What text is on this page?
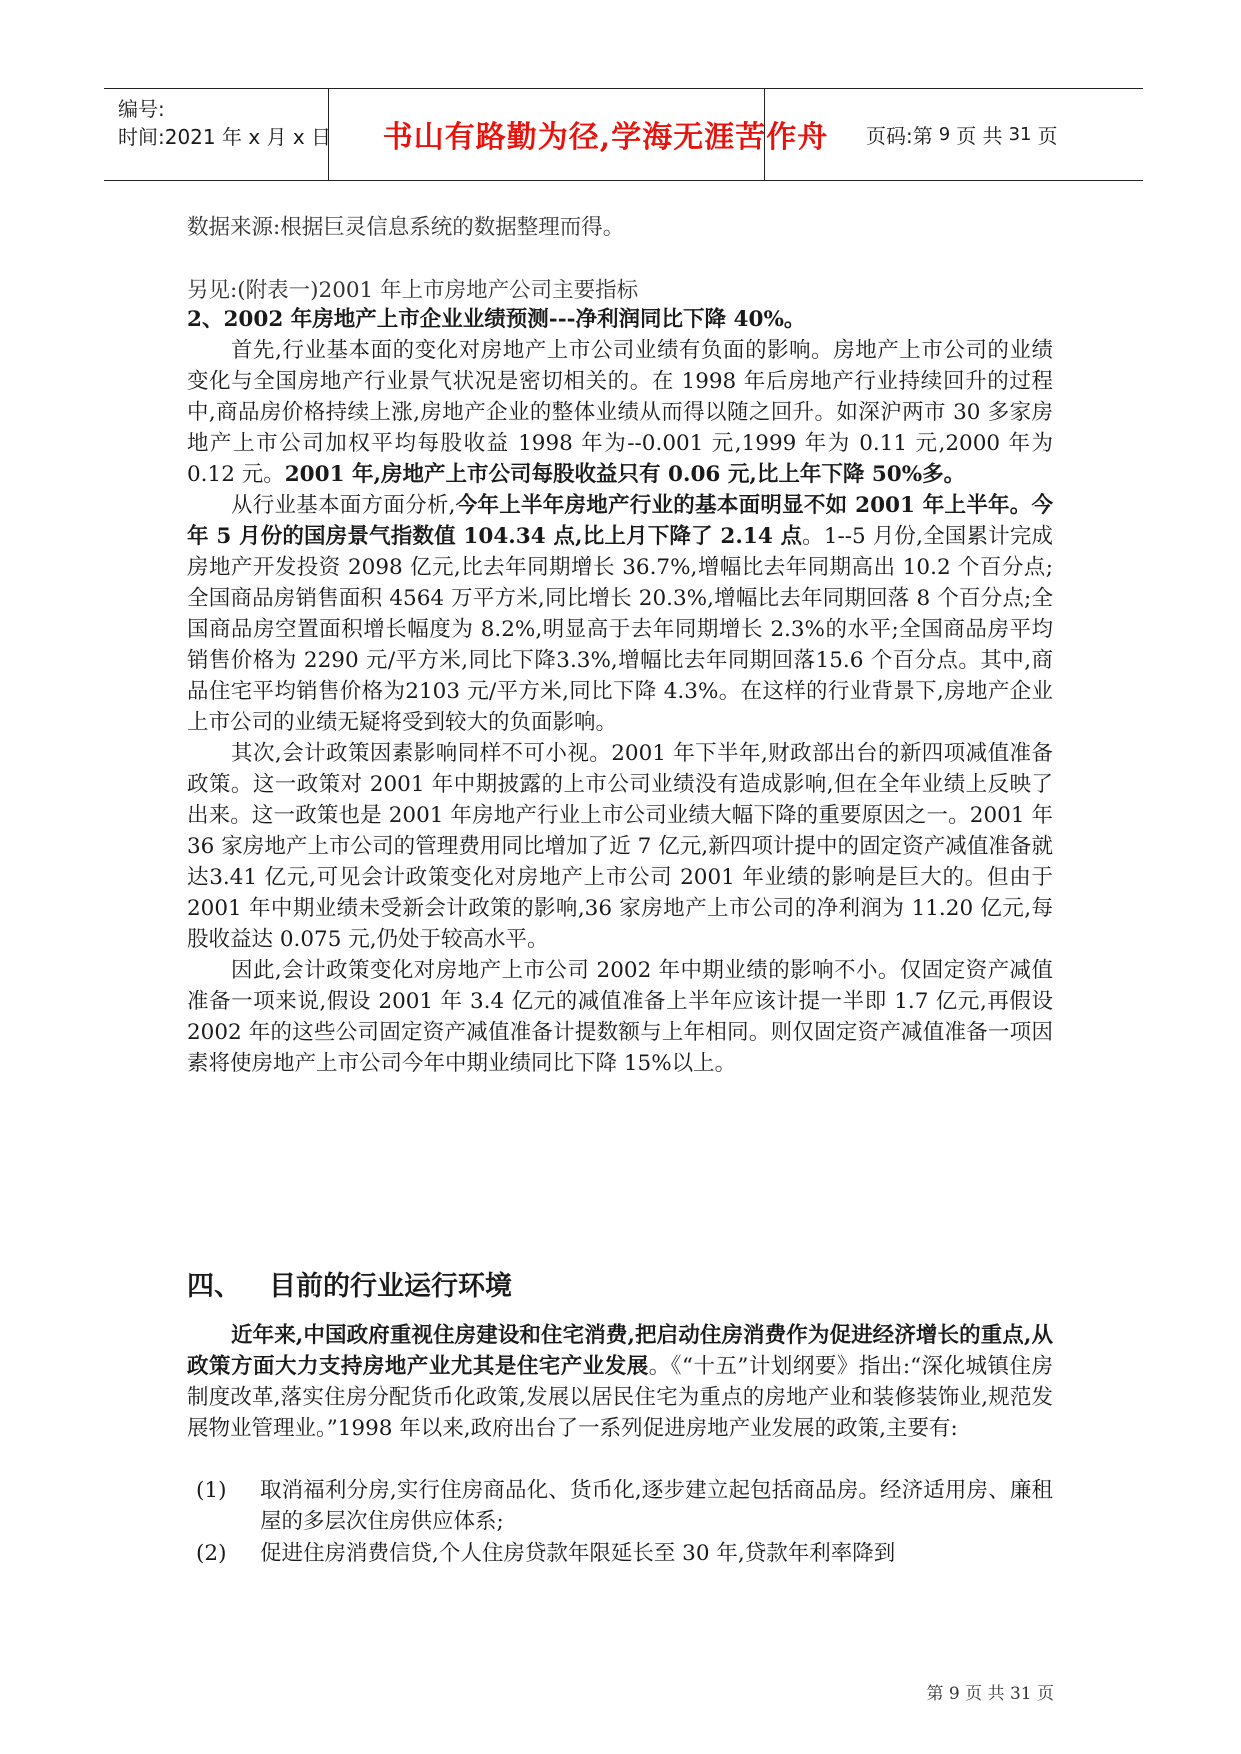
编号:
时间:2021 年 x 月 x 日	书山有路勤为径,学海无涯苦作舟	页码:第 9 页 共 31 页
数据来源:根据巨灵信息系统的数据整理而得。
另见:(附表一)2001 年上市房地产公司主要指标

2、2002 年房地产上市企业业绩预测---净利润同比下降 40%。

首先,行业基本面的变化对房地产上市公司业绩有负面的影响。房地产上市公司的业绩变化与全国房地产行业景气状况是密切相关的。在 1998 年后房地产行业持续回升的过程中,商品房价格持续上涨,房地产企业的整体业绩从而得以随之回升。如深沪两市 30 多家房地产上市公司加权平均每股收益 1998 年为--0.001 元,1999 年为 0.11 元,2000 年为 0.12 元。2001 年,房地产上市公司每股收益只有 0.06 元,比上年下降 50%多。

从行业基本面方面分析,今年上半年房地产行业的基本面明显不如 2001 年上半年。今年 5 月份的国房景气指数值 104.34 点,比上月下降了 2.14 点。1--5 月份,全国累计完成房地产开发投资 2098 亿元,比去年同期增长 36.7%,增幅比去年同期高出 10.2 个百分点;全国商品房销售面积 4564 万平方米,同比增长 20.3%,增幅比去年同期回落 8 个百分点;全国商品房空置面积增长幅度为 8.2%,明显高于去年同期增长 2.3%的水平;全国商品房平均销售价格为 2290 元/平方米,同比下降3.3%,增幅比去年同期回落15.6 个百分点。其中,商品住宅平均销售价格为2103 元/平方米,同比下降 4.3%。在这样的行业背景下,房地产企业上市公司的业绩无疑将受到较大的负面影响。

其次,会计政策因素影响同样不可小视。2001 年下半年,财政部出台的新四项减值准备政策。这一政策对 2001 年中期披露的上市公司业绩没有造成影响,但在全年业绩上反映了出来。这一政策也是 2001 年房地产行业上市公司业绩大幅下降的重要原因之一。2001 年 36 家房地产上市公司的管理费用同比增加了近 7 亿元,新四项计提中的固定资产减值准备就达3.41 亿元,可见会计政策变化对房地产上市公司 2001 年业绩的影响是巨大的。但由于 2001 年中期业绩未受新会计政策的影响,36 家房地产上市公司的净利润为 11.20 亿元,每股收益达 0.075 元,仍处于较高水平。

因此,会计政策变化对房地产上市公司 2002 年中期业绩的影响不小。仅固定资产减值准备一项来说,假设 2001 年 3.4 亿元的减值准备上半年应该计提一半即 1.7 亿元,再假设 2002 年的这些公司固定资产减值准备计提数额与上年相同。则仅固定资产减值准备一项因素将使房地产上市公司今年中期业绩同比下降 15%以上。

四、 目前的行业运行环境

近年来,中国政府重视住房建设和住宅消费,把启动住房消费作为促进经济增长的重点,从政策方面大力支持房地产业尤其是住宅产业发展。《“十五”计划纲要》指出:“深化城镇住房制度改革,落实住房分配货币化政策,发展以居民住宅为重点的房地产业和装修装饰业,规范发展物业管理业。”1998 年以来,政府出台了一系列促进房地产业发展的政策,主要有:

(1) 取消福利分房,实行住房商品化、货币化,逐步建立起包括商品房。经济适用房、廉租屋的多层次住房供应体系;
(2) 促进住房消费信贷,个人住房贷款年限延长至 30 年,贷款年利率降到
第 9 页 共 31 页
